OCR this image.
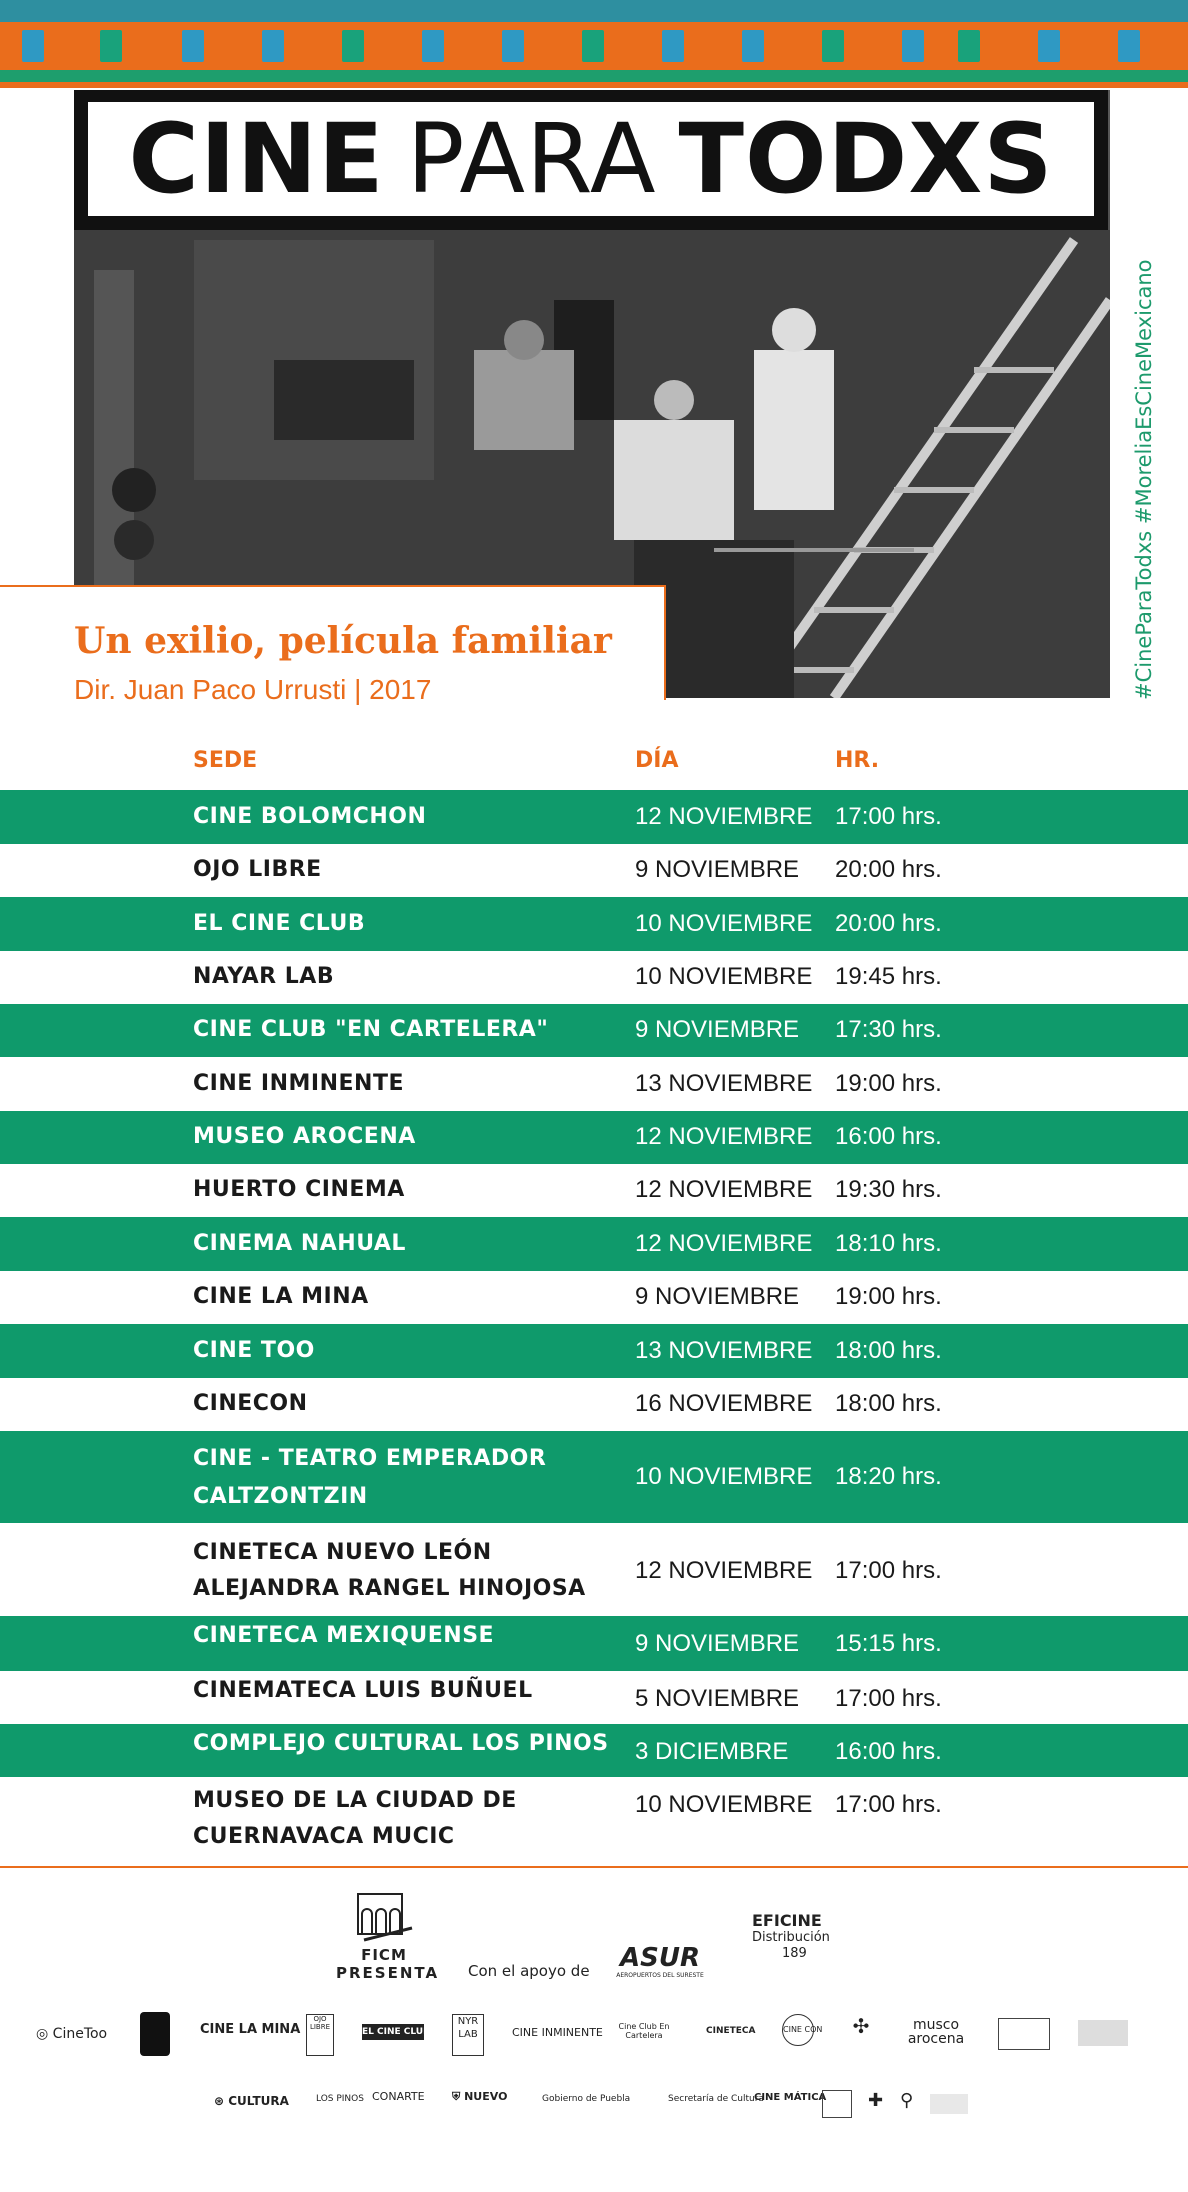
CINE PARA TODXS
#CineParaTodxs #MoreliaEsCineMexicano
Un exilio, película familiar
Dir. Juan Paco Urrusti | 2017
SEDE	DÍA	HR.
CINE BOLOMCHON	12 NOVIEMBRE 17:00 hrs.
OJO LIBRE	9 NOVIEMBRE 20:00 hrs.
EL CINE CLUB	10 NOVIEMBRE 20:00 hrs.
NAYAR LAB	10 NOVIEMBRE 19:45 hrs.
CINE CLUB "EN CARTELERA"	9 NOVIEMBRE 17:30 hrs.
CINE INMINENTE	13 NOVIEMBRE 19:00 hrs.
MUSEO AROCENA	12 NOVIEMBRE 16:00 hrs.
HUERTO CINEMA	12 NOVIEMBRE 19:30 hrs.
CINEMA NAHUAL	12 NOVIEMBRE 18:10 hrs.
CINE LA MINA	9 NOVIEMBRE 19:00 hrs.
CINE TOO	13 NOVIEMBRE 18:00 hrs.
CINECON	16 NOVIEMBRE 18:00 hrs.
CINE - TEATRO EMPERADOR
CALTZONTZIN
10 NOVIEMBRE 18:20 hrs.
CINETECA NUEVO LEÓN
ALEJANDRA RANGEL HINOJOSA
12 NOVIEMBRE 17:00 hrs.
CINETECA MEXIQUENSE	9 NOVIEMBRE 15:15 hrs.
CINEMATECA LUIS BUÑUEL	5 NOVIEMBRE 17:00 hrs.
COMPLEJO CULTURAL LOS PINOS 3 DICIEMBRE 16:00 hrs.
MUSEO DE LA CIUDAD DE
CUERNAVACA MUCIC
10 NOVIEMBRE 17:00 hrs.
FICM
PRESENTA Con el apoyo de	ASUR
AEROPUERTOS DEL SURESTE
EFICINE
Distribución
189
◎ CineToo	CINE LA MINA
OJO LIBRE	EL CINE CLUB
NYR LAB	CINE INMINENTE	Cine Club En Cartelera	CINETECA	CINE CON	✣	musco arocena
⊛ CULTURA	LOS PINOS CONARTE ⛨ NUEVO	Gobierno de Puebla	Secretaría de Cultura
CINE MÁTICA ✚ ⚲
